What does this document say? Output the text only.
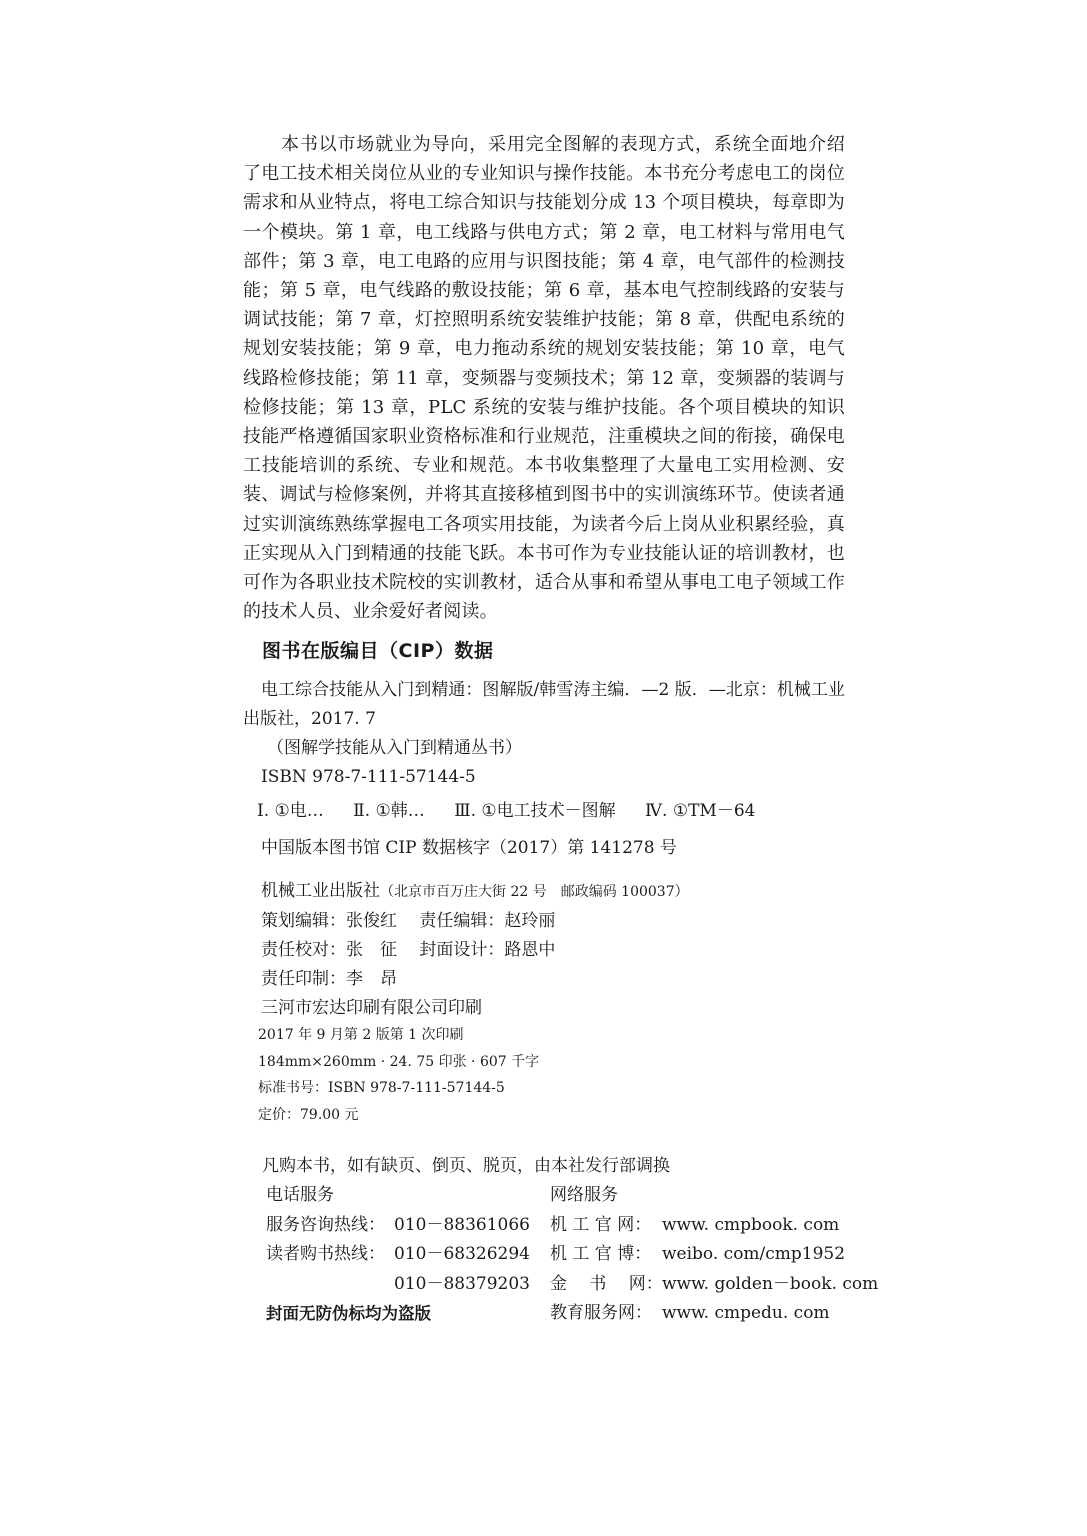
本书以市场就业为导向，采用完全图解的表现方式，系统全面地介绍了电工技术相关岗位从业的专业知识与操作技能。本书充分考虑电工的岗位需求和从业特点，将电工综合知识与技能划分成 13 个项目模块，每章即为一个模块。第 1 章，电工线路与供电方式；第 2 章，电工材料与常用电气部件；第 3 章，电工电路的应用与识图技能；第 4 章，电气部件的检测技能；第 5 章，电气线路的敷设技能；第 6 章，基本电气控制线路的安装与调试技能；第 7 章，灯控照明系统安装维护技能；第 8 章，供配电系统的规划安装技能；第 9 章，电力拖动系统的规划安装技能；第 10 章，电气线路检修技能；第 11 章，变频器与变频技术；第 12 章，变频器的装调与检修技能；第 13 章，PLC 系统的安装与维护技能。各个项目模块的知识技能严格遵循国家职业资格标准和行业规范，注重模块之间的衔接，确保电工技能培训的系统、专业和规范。本书收集整理了大量电工实用检测、安装、调试与检修案例，并将其直接移植到图书中的实训演练环节。使读者通过实训演练熟练掌握电工各项实用技能，为读者今后上岗从业积累经验，真正实现从入门到精通的技能飞跃。本书可作为专业技能认证的培训教材，也可作为各职业技术院校的实训教材，适合从事和希望从事电工电子领域工作的技术人员、业余爱好者阅读。
图书在版编目（CIP）数据
电工综合技能从入门到精通：图解版/韩雪涛主编．—2 版．—北京：机械工业出版社，2017. 7
（图解学技能从入门到精通丛书）
ISBN 978-7-111-57144-5
Ⅰ. ①电… Ⅱ. ①韩… Ⅲ. ①电工技术－图解 Ⅳ. ①TM－64
中国版本图书馆 CIP 数据核字（2017）第 141278 号
机械工业出版社（北京市百万庄大街 22 号　邮政编码 100037）
策划编辑：张俊红　 责任编辑：赵玲丽
责任校对：张　征　 封面设计：路恩中
责任印制：李　昂
三河市宏达印刷有限公司印刷
2017 年 9 月第 2 版第 1 次印刷
184mm×260mm · 24. 75 印张 · 607 千字
标准书号：ISBN 978-7-111-57144-5
定价：79.00 元
凡购本书，如有缺页、倒页、脱页，由本社发行部调换
电话服务
服务咨询热线： 010－88361066
读者购书热线： 010－68326294
010－88379203
封面无防伪标均为盗版
网络服务
机 工 官 网： www. cmpbook. com
机 工 官 博： weibo. com/cmp1952
金　 书　 网：www. golden－book. com
教育服务网： www. cmpedu. com
